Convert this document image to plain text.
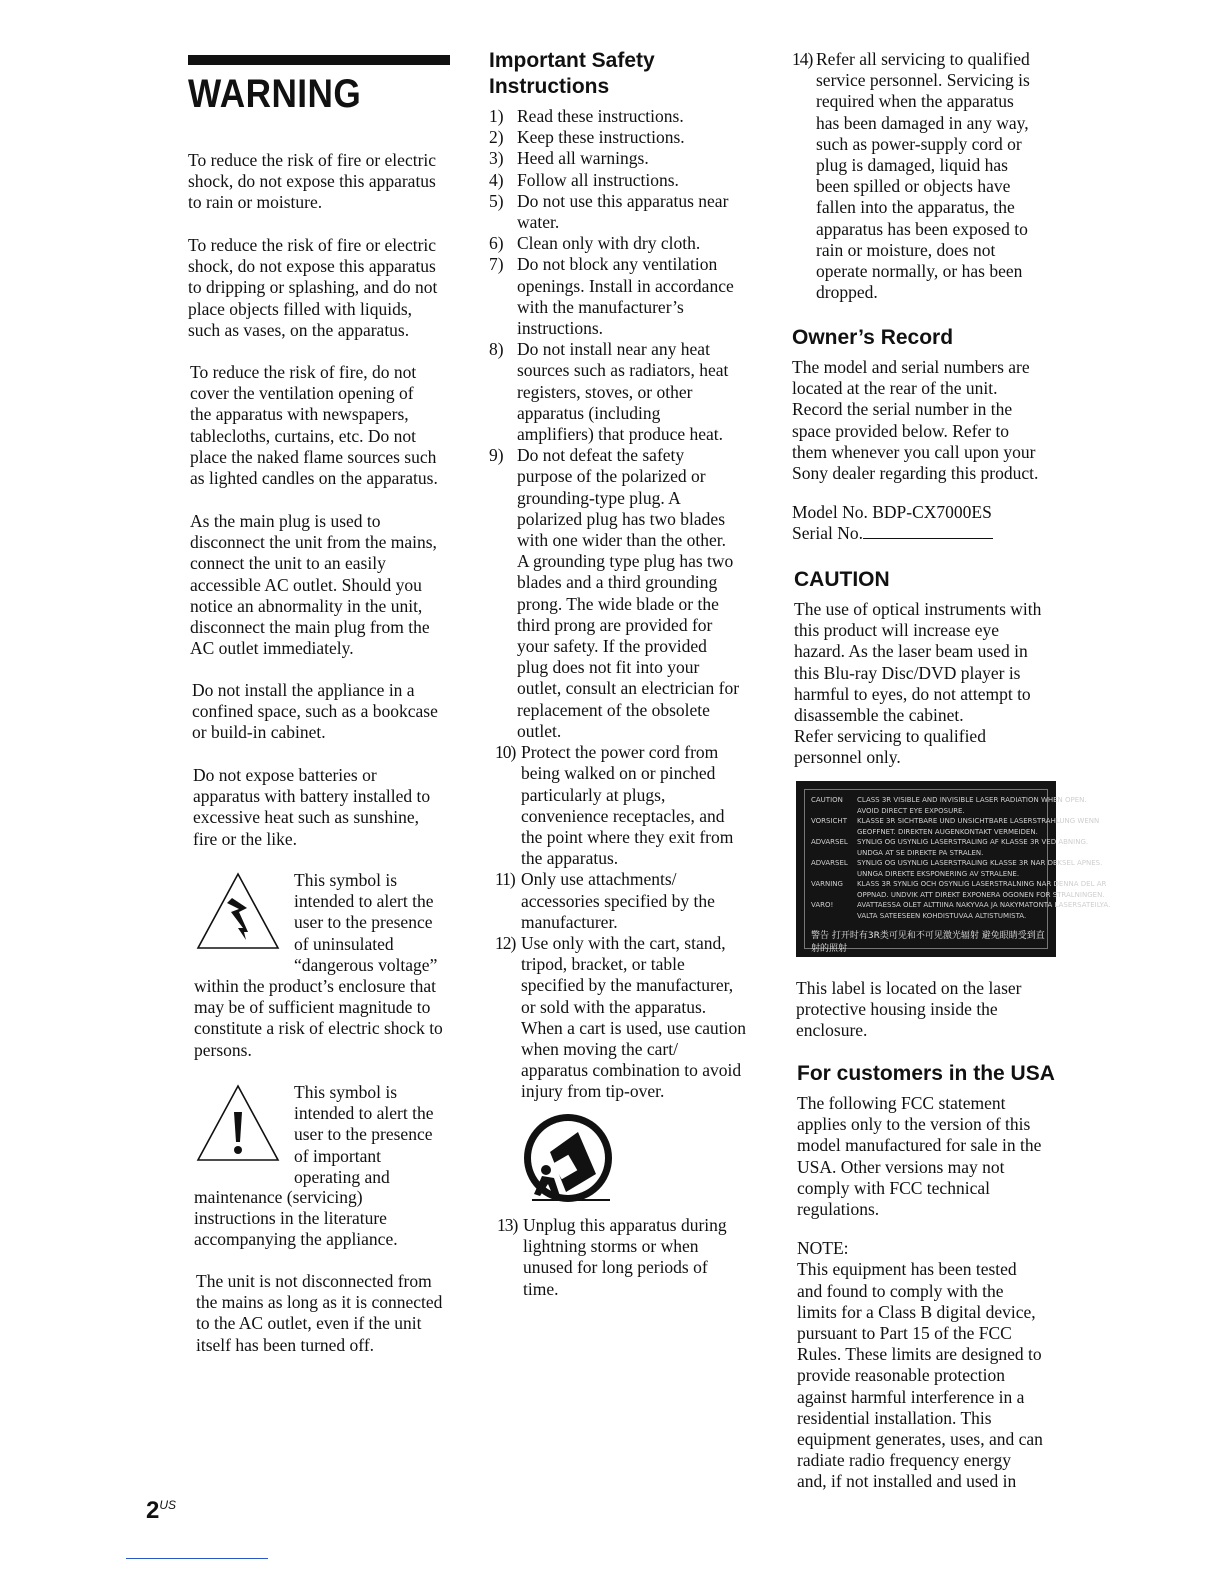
WARNING

To reduce the risk of fire or electric

shock, do not expose this apparatus

to rain or moisture.

To reduce the risk of fire or electric

shock, do not expose this apparatus

to dripping or splashing, and do not

place objects filled with liquids,

such as vases, on the apparatus.

To reduce the risk of fire, do not

cover the ventilation opening of

the apparatus with newspapers,

tablecloths, curtains, etc. Do not

place the naked flame sources such

as lighted candles on the apparatus.

As the main plug is used to

disconnect the unit from the mains,

connect the unit to an easily

accessible AC outlet. Should you

notice an abnormality in the unit,

disconnect the main plug from the

AC outlet immediately.

Do not install the appliance in a

confined space, such as a bookcase

or build-in cabinet.

Do not expose batteries or

apparatus with battery installed to

excessive heat such as sunshine,

fire or the like.

This symbol is

intended to alert the

user to the presence

of uninsulated

“dangerous voltage”

within the product’s enclosure that

may be of sufficient magnitude to

constitute a risk of electric shock to

persons.

This symbol is

intended to alert the

user to the presence

of important

operating and

maintenance (servicing)

instructions in the literature

accompanying the appliance.

The unit is not disconnected from

the mains as long as it is connected

to the AC outlet, even if the unit

itself has been turned off.

Important Safety

Instructions

1) Read these instructions.

2) Keep these instructions.

3) Heed all warnings.

4) Follow all instructions.

5) Do not use this apparatus near

water.

6) Clean only with dry cloth.

7) Do not block any ventilation

openings. Install in accordance

with the manufacturer’s

instructions.

8) Do not install near any heat

sources such as radiators, heat

registers, stoves, or other

apparatus (including

amplifiers) that produce heat.

9) Do not defeat the safety

purpose of the polarized or

grounding-type plug. A

polarized plug has two blades

with one wider than the other.

A grounding type plug has two

blades and a third grounding

prong. The wide blade or the

third prong are provided for

your safety. If the provided

plug does not fit into your

outlet, consult an electrician for

replacement of the obsolete

outlet.

10) Protect the power cord from

being walked on or pinched

particularly at plugs,

convenience receptacles, and

the point where they exit from

the apparatus.

11) Only use attachments/

accessories specified by the

manufacturer.

12) Use only with the cart, stand,

tripod, bracket, or table

specified by the manufacturer,

or sold with the apparatus.

When a cart is used, use caution

when moving the cart/

apparatus combination to avoid

injury from tip-over.

13) Unplug this apparatus during

lightning storms or when

unused for long periods of

time.

14) Refer all servicing to qualified

service personnel. Servicing is

required when the apparatus

has been damaged in any way,

such as power-supply cord or

plug is damaged, liquid has

been spilled or objects have

fallen into the apparatus, the

apparatus has been exposed to

rain or moisture, does not

operate normally, or has been

dropped.

Owner’s Record

The model and serial numbers are

located at the rear of the unit.

Record the serial number in the

space provided below. Refer to

them whenever you call upon your

Sony dealer regarding this product.

Model No. BDP-CX7000ES

Serial No.

CAUTION

The use of optical instruments with

this product will increase eye

hazard. As the laser beam used in

this Blu-ray Disc/DVD player is

harmful to eyes, do not attempt to

disassemble the cabinet.

Refer servicing to qualified

personnel only.

CAUTION CLASS 3R VISIBLE AND INVISIBLE LASER RADIATION WHEN OPEN.
AVOID DIRECT EYE EXPOSURE.
VORSICHT KLASSE 3R SICHTBARE UND UNSICHTBARE LASERSTRAHLUNG WENN
GEOFFNET. DIREKTEN AUGENKONTAKT VERMEIDEN.
ADVARSEL SYNLIG OG USYNLIG LASERSTRALING AF KLASSE 3R VED ABNING.
UNDGA AT SE DIREKTE PA STRALEN.
ADVARSEL SYNLIG OG USYNLIG LASERSTRALING KLASSE 3R NAR DEKSEL APNES.
UNNGA DIREKTE EKSPONERING AV STRALENE.
VARNING KLASS 3R SYNLIG OCH OSYNLIG LASERSTRALNING NAR DENNA DEL AR
OPPNAD. UNDVIK ATT DIREKT EXPONERA OGONEN FOR STRALNINGEN.
VARO!	AVATTAESSA OLET ALTTIINA NAKYVAA JA NAKYMATONTA LASERSATEILYA.
VALTA SATEESEEN KOHDISTUVAA ALTISTUMISTA.
警告 打开时有3R类可见和不可见激光辐射 避免眼睛受到直射的照射

This label is located on the laser

protective housing inside the

enclosure.

For customers in the USA

The following FCC statement

applies only to the version of this

model manufactured for sale in the

USA. Other versions may not

comply with FCC technical

regulations.

NOTE:

This equipment has been tested

and found to comply with the

limits for a Class B digital device,

pursuant to Part 15 of the FCC

Rules. These limits are designed to

provide reasonable protection

against harmful interference in a

residential installation. This

equipment generates, uses, and can

radiate radio frequency energy

and, if not installed and used in

$2^{US}$
